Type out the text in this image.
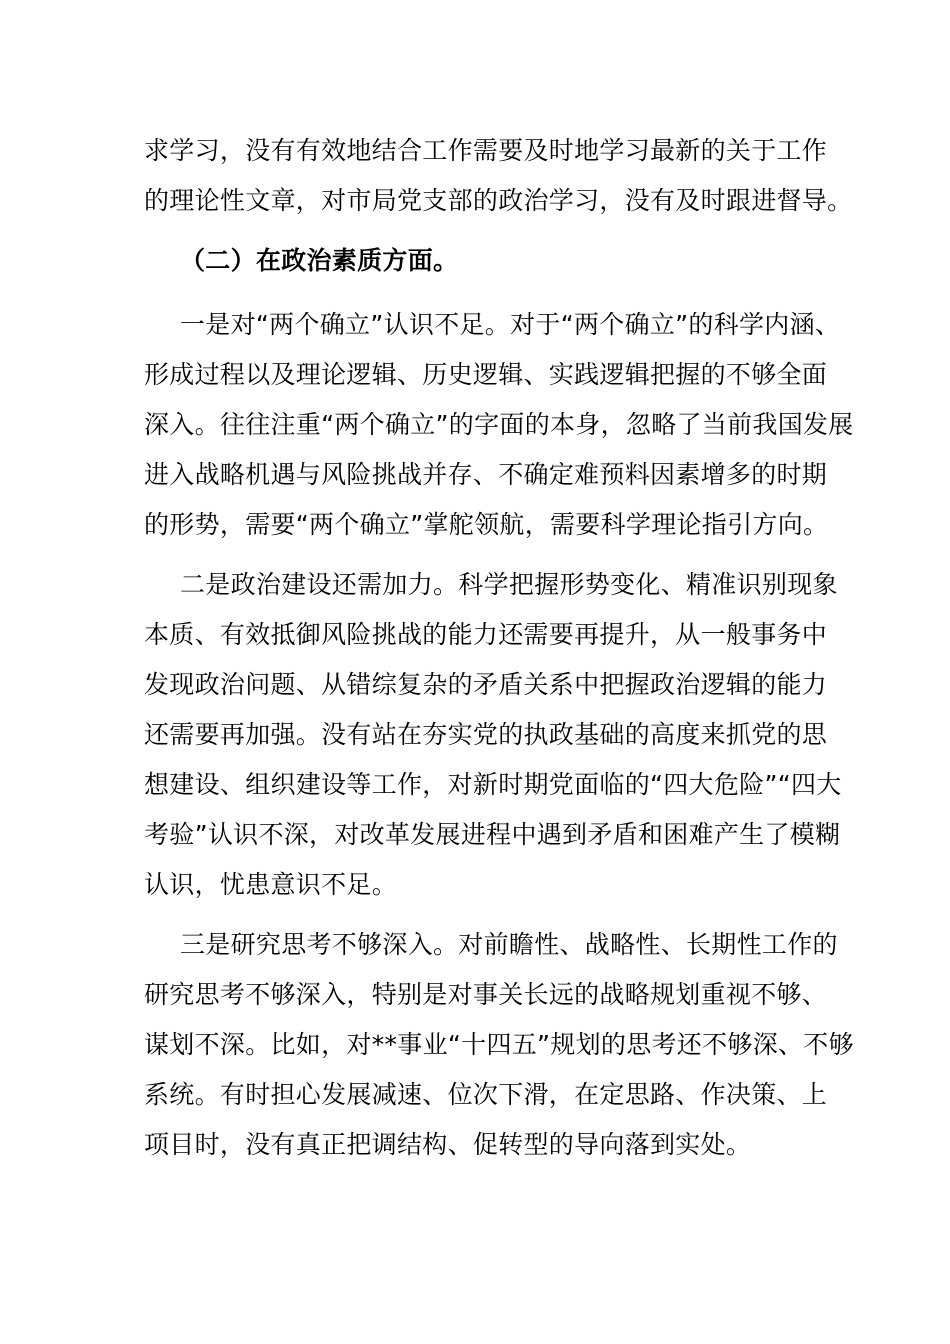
求学习，没有有效地结合工作需要及时地学习最新的关于工作
的理论性文章，对市局党支部的政治学习，没有及时跟进督导。
（二）在政治素质方面。
一是对“两个确立”认识不足。对于“两个确立”的科学内涵、
形成过程以及理论逻辑、历史逻辑、实践逻辑把握的不够全面
深入。往往注重“两个确立”的字面的本身，忽略了当前我国发展
进入战略机遇与风险挑战并存、不确定难预料因素增多的时期
的形势，需要“两个确立”掌舵领航，需要科学理论指引方向。
二是政治建设还需加力。科学把握形势变化、精准识别现象
本质、有效抵御风险挑战的能力还需要再提升，从一般事务中
发现政治问题、从错综复杂的矛盾关系中把握政治逻辑的能力
还需要再加强。没有站在夯实党的执政基础的高度来抓党的思
想建设、组织建设等工作，对新时期党面临的“四大危险”“四大
考验”认识不深，对改革发展进程中遇到矛盾和困难产生了模糊
认识，忧患意识不足。
三是研究思考不够深入。对前瞻性、战略性、长期性工作的
研究思考不够深入，特别是对事关长远的战略规划重视不够、
谋划不深。比如，对**事业“十四五”规划的思考还不够深、不够
系统。有时担心发展减速、位次下滑，在定思路、作决策、上
项目时，没有真正把调结构、促转型的导向落到实处。
